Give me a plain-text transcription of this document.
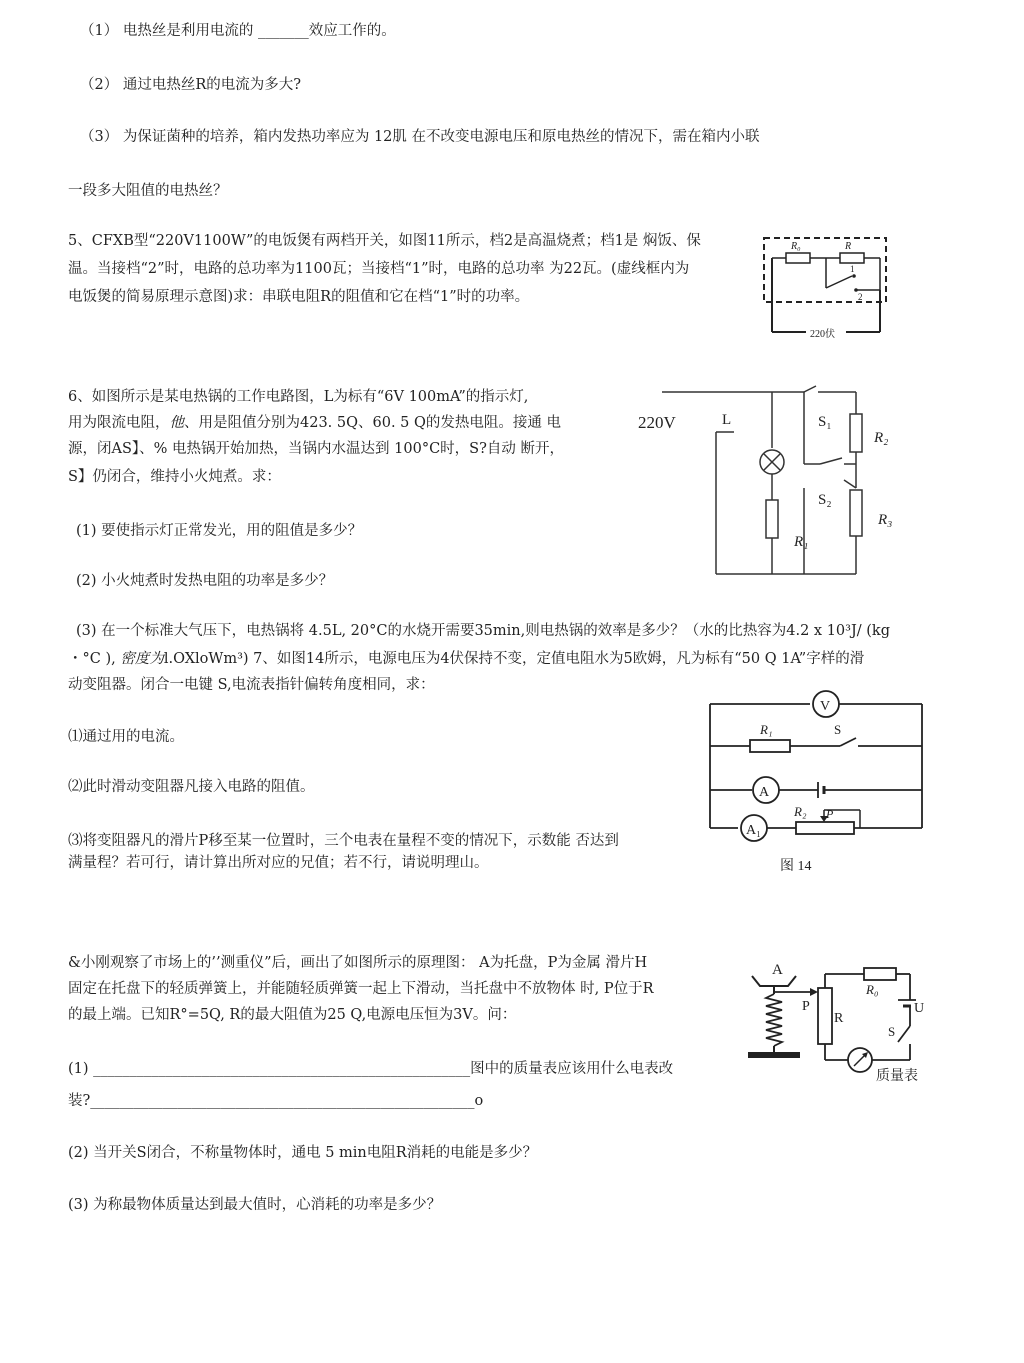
（1） 电热丝是利用电流的 _______效应工作的。
（2） 通过电热丝R的电流为多大?
（3） 为保证菌种的培养，箱内发热功率应为 12肌 在不改变电源电压和原电热丝的情况下，需在箱内小联
一段多大阻值的电热丝？
5、CFXB型“220V1100W”的电饭煲有两档开关，如图11所示，档2是高温烧煮；档1是 焖饭、保
温。当接档“2”时，电路的总功率为1100瓦；当接档“1”时，电路的总功率 为22瓦。(虚线框内为
电饭煲的简易原理示意图)求：串联电阻R的阻值和它在档“1”时的功率。
R₀	R
1
2
220伏
6、如图所示是某电热锅的工作电路图，L为标有“6V 100mA”的指示灯,
用为限流电阻，他、用是阻值分别为423. 5Q、60. 5 Q的发热电阻。接通 电
源，闭AS】、% 电热锅开始加热，当锅内水温达到 100°C时，S?自动 断开，
S】仍闭合，维持小火炖煮。求：
(1) 要使指示灯正常发光，用的阻值是多少？
(2) 小火炖煮时发热电阻的功率是多少？
(3) 在一个标准大气压下，电热锅将 4.5L, 20°C的水烧开需要35min,则电热锅的效率是多少？（水的比热容为4.2 x 10³J/ (kg
・°C ), 密度为l.OXloWm³) 7、如图14所示，电源电压为4伏保持不变，定值电阻水为5欧姆，凡为标有“50 Q 1A”字样的滑
动变阻器。闭合一电键 S,电流表指针偏转角度相同，求：
220V	L
R₁
S₁
R₂
S₂
R₃
⑴通过用的电流。
⑵此时滑动变阻器凡接入电路的阻值。
⑶将变阻器凡的滑片P移至某一位置时，三个电表在量程不变的情况下，示数能 否达到
满量程？若可行，请计算出所对应的兄值；若不行，请说明理山。
V
R₁	S
A
A₁
R₂ P
图 14
&小刚观察了市场上的’’测重仪”后，画出了如图所示的原理图： A为托盘，P为金属 滑片H
固定在托盘下的轻质弹簧上，并能随轻质弹簧一起上下滑动，当托盘中不放物体 时, P位于R
的最上端。已知R°=5Q, R的最大阻值为25 Q,电源电压恒为3V。问：
(1) ____________________________________________________图中的质量表应该用什么电表改
装?_____________________________________________________o
(2) 当开关S闭合，不称量物体时，通电 5 min电阻R消耗的电能是多少？
(3) 为称最物体质量达到最大值时，心消耗的功率是多少？
A
P
R
R₀
U
S
质量表
